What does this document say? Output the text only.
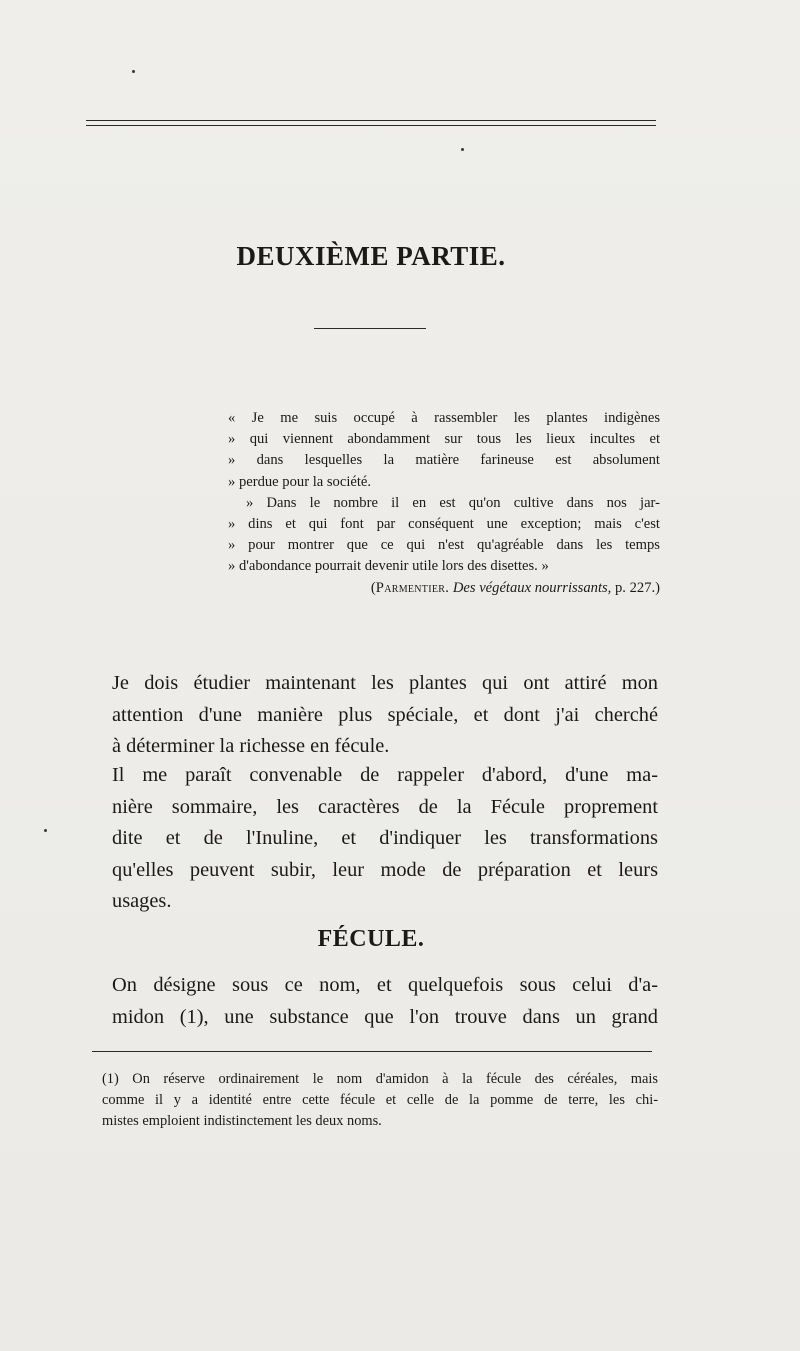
DEUXIÈME PARTIE.

« Je me suis occupé à rassembler les plantes indigènes

» qui viennent abondamment sur tous les lieux incultes et

» dans lesquelles la matière farineuse est absolument

» perdue pour la société.

» Dans le nombre il en est qu'on cultive dans nos jar-

» dins et qui font par conséquent une exception; mais c'est

» pour montrer que ce qui n'est qu'agréable dans les temps

» d'abondance pourrait devenir utile lors des disettes. »

(Parmentier. Des végétaux nourrissants, p. 227.)

Je dois étudier maintenant les plantes qui ont attiré mon
attention d'une manière plus spéciale, et dont j'ai cherché
à déterminer la richesse en fécule.
Il me paraît convenable de rappeler d'abord, d'une ma-
nière sommaire, les caractères de la Fécule proprement
dite et de l'Inuline, et d'indiquer les transformations
qu'elles peuvent subir, leur mode de préparation et leurs
usages.
FÉCULE.
On désigne sous ce nom, et quelquefois sous celui d'a-
midon (1), une substance que l'on trouve dans un grand
(1) On réserve ordinairement le nom d'amidon à la fécule des céréales, mais
comme il y a identité entre cette fécule et celle de la pomme de terre, les chi-
mistes emploient indistinctement les deux noms.
